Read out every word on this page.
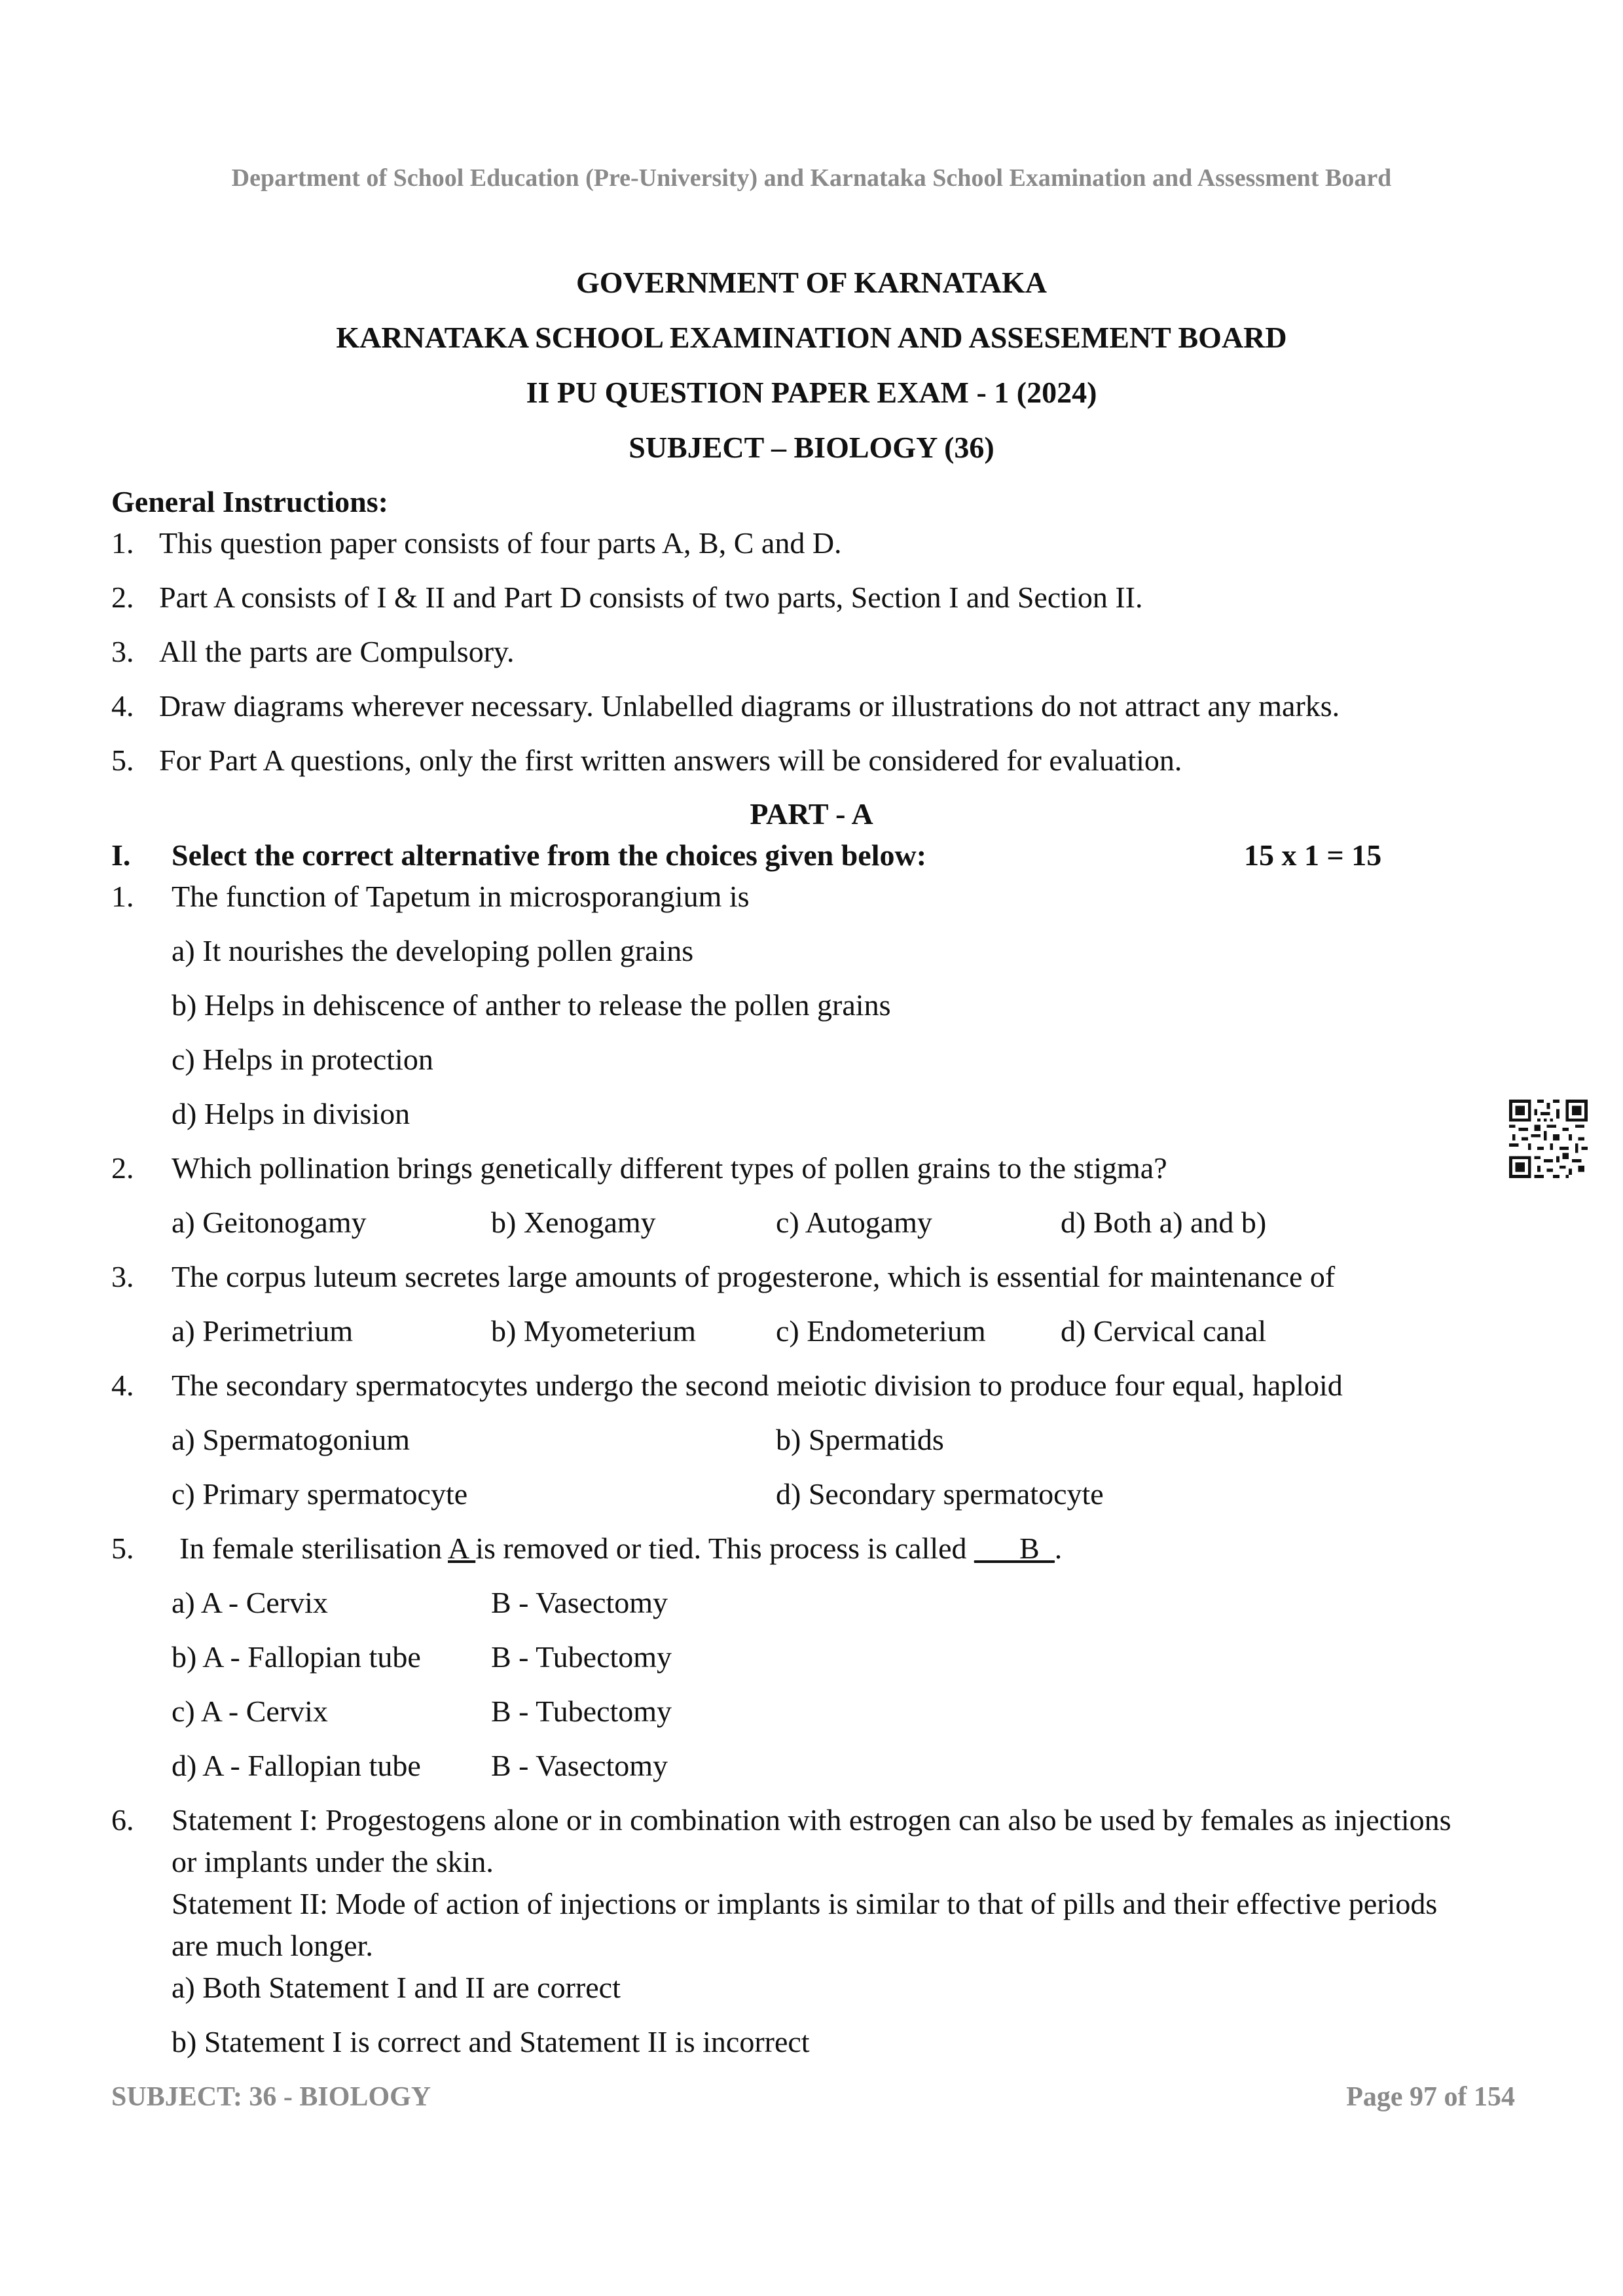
Department of School Education (Pre-University) and Karnataka School Examination and Assessment Board
GOVERNMENT OF KARNATAKA
KARNATAKA SCHOOL EXAMINATION AND ASSESEMENT BOARD
II PU QUESTION PAPER EXAM - 1 (2024)
SUBJECT – BIOLOGY (36)
General Instructions:
1. This question paper consists of four parts A, B, C and D.
2. Part A consists of I & II and Part D consists of two parts, Section I and Section II.
3. All the parts are Compulsory.
4. Draw diagrams wherever necessary. Unlabelled diagrams or illustrations do not attract any marks.
5. For Part A questions, only the first written answers will be considered for evaluation.
PART - A
I. Select the correct alternative from the choices given below:	15 x 1 = 15
1. The function of Tapetum in microsporangium is
a) It nourishes the developing pollen grains
b) Helps in dehiscence of anther to release the pollen grains
c) Helps in protection
d) Helps in division
2. Which pollination brings genetically different types of pollen grains to the stigma?
a) Geitonogamy	b) Xenogamy	c) Autogamy	d) Both a) and b)
3. The corpus luteum secretes large amounts of progesterone, which is essential for maintenance of
a) Perimetrium	b) Myometerium	c) Endometerium d) Cervical canal
4. The secondary spermatocytes undergo the second meiotic division to produce four equal, haploid
a) Spermatogonium	b) Spermatids
c) Primary spermatocyte	d) Secondary spermatocyte
5. In female sterilisation A is removed or tied. This process is called ___B_.
a) A - Cervix	B - Vasectomy
b) A - Fallopian tube B - Tubectomy
c) A - Cervix	B - Tubectomy
d) A - Fallopian tube B - Vasectomy
6. Statement I: Progestogens alone or in combination with estrogen can also be used by females as injections
or implants under the skin.
Statement II: Mode of action of injections or implants is similar to that of pills and their effective periods
are much longer.
a) Both Statement I and II are correct
b) Statement I is correct and Statement II is incorrect
SUBJECT: 36 - BIOLOGY	Page 97 of 154
